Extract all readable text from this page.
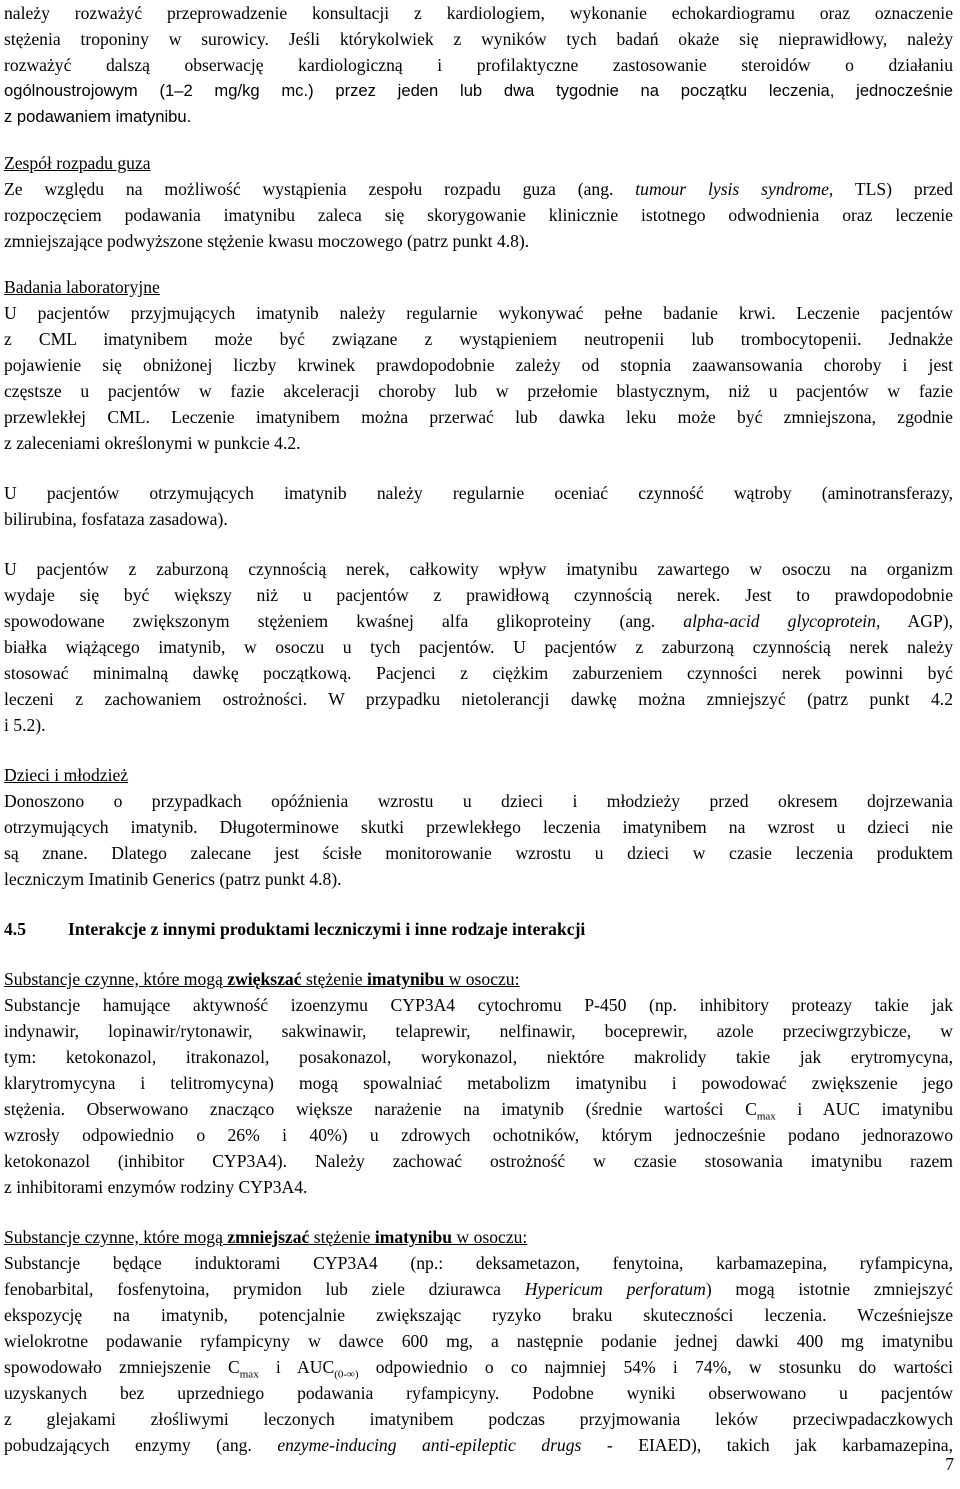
należy rozważyć przeprowadzenie konsultacji z kardiologiem, wykonanie echokardiogramu oraz oznaczenie
stężenia troponiny w surowicy. Jeśli którykolwiek z wyników tych badań okaże się nieprawidłowy, należy
rozważyć dalszą obserwację kardiologiczną i profilaktyczne zastosowanie steroidów o działaniu
ogólnoustrojowym (1–2 mg/kg mc.) przez jeden lub dwa tygodnie na początku leczenia, jednocześnie
z podawaniem imatynibu.

Zespół rozpadu guza
Ze względu na możliwość wystąpienia zespołu rozpadu guza (ang. tumour lysis syndrome, TLS) przed
rozpoczęciem podawania imatynibu zaleca się skorygowanie klinicznie istotnego odwodnienia oraz leczenie
zmniejszające podwyższone stężenie kwasu moczowego (patrz punkt 4.8).

Badania laboratoryjne
U pacjentów przyjmujących imatynib należy regularnie wykonywać pełne badanie krwi. Leczenie pacjentów
z CML imatynibem może być związane z wystąpieniem neutropenii lub trombocytopenii. Jednakże
pojawienie się obniżonej liczby krwinek prawdopodobnie zależy od stopnia zaawansowania choroby i jest
częstsze u pacjentów w fazie akceleracji choroby lub w przełomie blastycznym, niż u pacjentów w fazie
przewlekłej CML. Leczenie imatynibem można przerwać lub dawka leku może być zmniejszona, zgodnie
z zaleceniami określonymi w punkcie 4.2.

U pacjentów otrzymujących imatynib należy regularnie oceniać czynność wątroby (aminotransferazy,
bilirubina, fosfataza zasadowa).

U pacjentów z zaburzoną czynnością nerek, całkowity wpływ imatynibu zawartego w osoczu na organizm
wydaje się być większy niż u pacjentów z prawidłową czynnością nerek. Jest to prawdopodobnie
spowodowane zwiększonym stężeniem kwaśnej alfa glikoproteiny (ang. alpha-acid glycoprotein, AGP),
białka wiążącego imatynib, w osoczu u tych pacjentów. U pacjentów z zaburzoną czynnością nerek należy
stosować minimalną dawkę początkową. Pacjenci z ciężkim zaburzeniem czynności nerek powinni być
leczeni z zachowaniem ostrożności. W przypadku nietolerancji dawkę można zmniejszyć (patrz punkt 4.2
i 5.2).

Dzieci i młodzież
Donoszono o przypadkach opóźnienia wzrostu u dzieci i młodzieży przed okresem dojrzewania
otrzymujących imatynib. Długoterminowe skutki przewlekłego leczenia imatynibem na wzrost u dzieci nie
są znane. Dlatego zalecane jest ścisłe monitorowanie wzrostu u dzieci w czasie leczenia produktem
leczniczym Imatinib Generics (patrz punkt 4.8).

4.5	Interakcje z innymi produktami leczniczymi i inne rodzaje interakcji

Substancje czynne, które mogą zwiększać stężenie imatynibu w osoczu:
Substancje hamujące aktywność izoenzymu CYP3A4 cytochromu P-450 (np. inhibitory proteazy takie jak
indynawir, lopinawir/rytonawir, sakwinawir, telaprewir, nelfinawir, boceprewir, azole przeciwgrzybicze, w
tym: ketokonazol, itrakonazol, posakonazol, worykonazol, niektóre makrolidy takie jak erytromycyna,
klarytromycyna i telitromycyna) mogą spowalniać metabolizm imatynibu i powodować zwiększenie jego
stężenia. Obserwowano znacząco większe narażenie na imatynib (średnie wartości $C_{max}$ i AUC imatynibu
wzrosły odpowiednio o 26% i 40%) u zdrowych ochotników, którym jednocześnie podano jednorazowo
ketokonazol (inhibitor CYP3A4). Należy zachować ostrożność w czasie stosowania imatynibu razem
z inhibitorami enzymów rodziny CYP3A4.

Substancje czynne, które mogą zmniejszać stężenie imatynibu w osoczu:
Substancje będące induktorami CYP3A4 (np.: deksametazon, fenytoina, karbamazepina, ryfampicyna,
fenobarbital, fosfenytoina, prymidon lub ziele dziurawca Hypericum perforatum) mogą istotnie zmniejszyć
ekspozycję na imatynib, potencjalnie zwiększając ryzyko braku skuteczności leczenia. Wcześniejsze
wielokrotne podawanie ryfampicyny w dawce 600 mg, a następnie podanie jednej dawki 400 mg imatynibu
spowodowało zmniejszenie $C_{max}$ i $AUC_{(0-\infty)}$ odpowiednio o co najmniej 54% i 74%, w stosunku do wartości
uzyskanych bez uprzedniego podawania ryfampicyny. Podobne wyniki obserwowano u pacjentów
z glejakami złośliwymi leczonych imatynibem podczas przyjmowania leków przeciwpadaczkowych
pobudzających enzymy (ang. enzyme-inducing anti-epileptic drugs - EIAED), takich jak karbamazepina,

7
